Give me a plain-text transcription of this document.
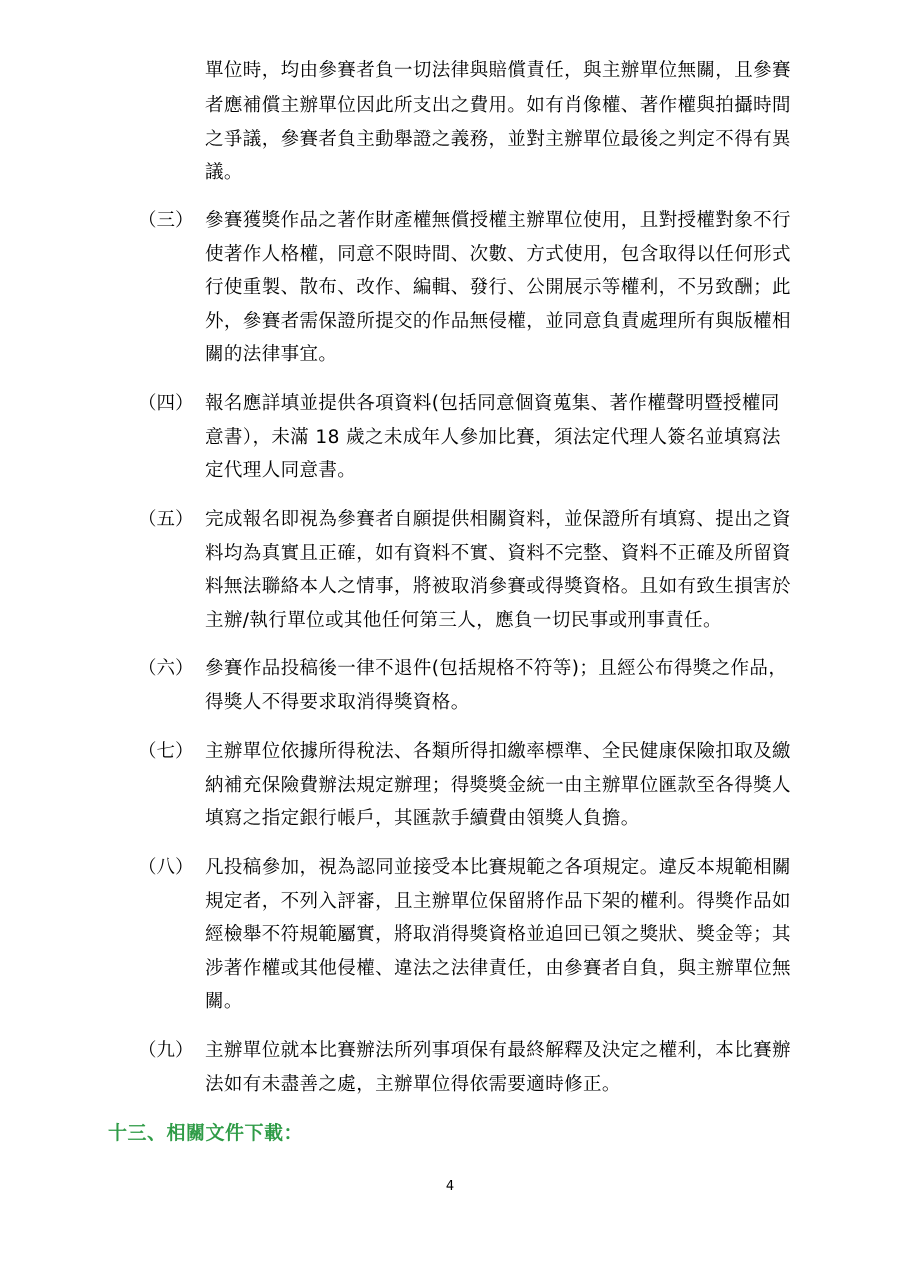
單位時，均由參賽者負一切法律與賠償責任，與主辦單位無關，且參賽
者應補償主辦單位因此所支出之費用。如有肖像權、著作權與拍攝時間
之爭議，參賽者負主動舉證之義務，並對主辦單位最後之判定不得有異
議。
（三） 參賽獲獎作品之著作財產權無償授權主辦單位使用，且對授權對象不行
使著作人格權，同意不限時間、次數、方式使用，包含取得以任何形式
行使重製、散布、改作、編輯、發行、公開展示等權利，不另致酬；此
外，參賽者需保證所提交的作品無侵權，並同意負責處理所有與版權相
關的法律事宜。
（四） 報名應詳填並提供各項資料(包括同意個資蒐集、著作權聲明暨授權同
意書），未滿 18 歲之未成年人參加比賽，須法定代理人簽名並填寫法
定代理人同意書。
（五） 完成報名即視為參賽者自願提供相關資料，並保證所有填寫、提出之資
料均為真實且正確，如有資料不實、資料不完整、資料不正確及所留資
料無法聯絡本人之情事，將被取消參賽或得獎資格。且如有致生損害於
主辦/執行單位或其他任何第三人，應負一切民事或刑事責任。
（六） 參賽作品投稿後一律不退件(包括規格不符等)；且經公布得獎之作品，
得獎人不得要求取消得獎資格。
（七） 主辦單位依據所得稅法、各類所得扣繳率標準、全民健康保險扣取及繳
納補充保險費辦法規定辦理；得獎獎金統一由主辦單位匯款至各得獎人
填寫之指定銀行帳戶，其匯款手續費由領獎人負擔。
（八） 凡投稿參加，視為認同並接受本比賽規範之各項規定。違反本規範相關
規定者，不列入評審，且主辦單位保留將作品下架的權利。得獎作品如
經檢舉不符規範屬實，將取消得獎資格並追回已領之獎狀、獎金等；其
涉著作權或其他侵權、違法之法律責任，由參賽者自負，與主辦單位無
關。
（九） 主辦單位就本比賽辦法所列事項保有最終解釋及決定之權利，本比賽辦
法如有未盡善之處，主辦單位得依需要適時修正。
十三、相關文件下載：
4
